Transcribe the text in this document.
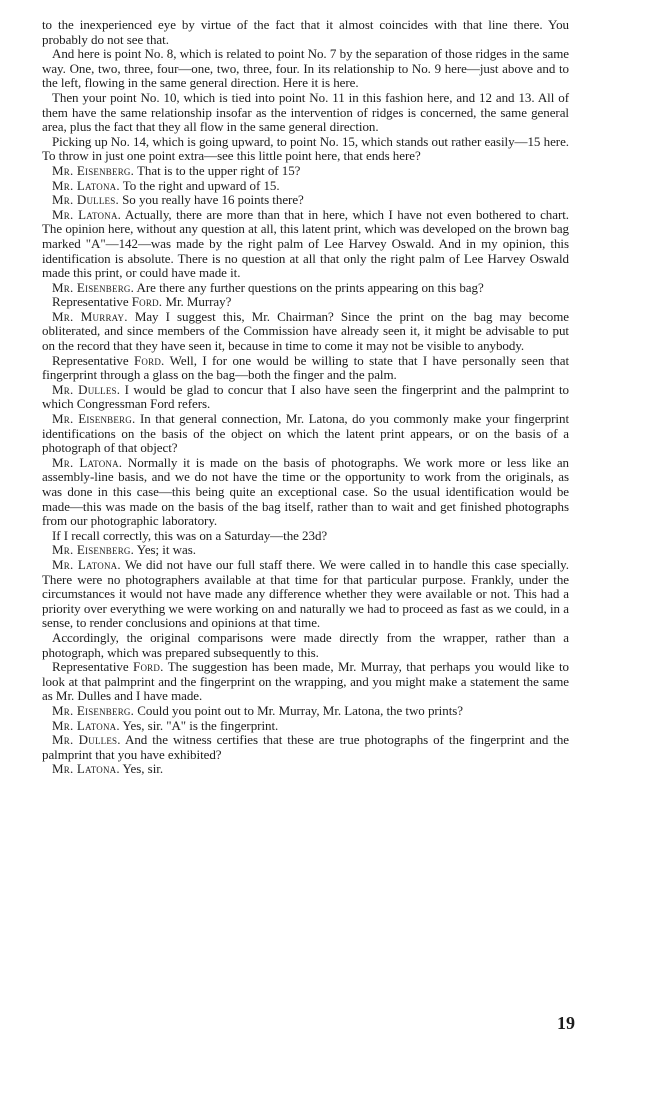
to the inexperienced eye by virtue of the fact that it almost coincides with that line there. You probably do not see that.

And here is point No. 8, which is related to point No. 7 by the separation of those ridges in the same way. One, two, three, four—one, two, three, four. In its relationship to No. 9 here—just above and to the left, flowing in the same general direction. Here it is here.

Then your point No. 10, which is tied into point No. 11 in this fashion here, and 12 and 13. All of them have the same relationship insofar as the intervention of ridges is concerned, the same general area, plus the fact that they all flow in the same general direction.

Picking up No. 14, which is going upward, to point No. 15, which stands out rather easily—15 here. To throw in just one point extra—see this little point here, that ends here?

Mr. Eisenberg. That is to the upper right of 15?

Mr. Latona. To the right and upward of 15.

Mr. Dulles. So you really have 16 points there?

Mr. Latona. Actually, there are more than that in here, which I have not even bothered to chart. The opinion here, without any question at all, this latent print, which was developed on the brown bag marked "A"—142—was made by the right palm of Lee Harvey Oswald. And in my opinion, this identification is absolute. There is no question at all that only the right palm of Lee Harvey Oswald made this print, or could have made it.

Mr. Eisenberg. Are there any further questions on the prints appearing on this bag?

Representative Ford. Mr. Murray?

Mr. Murray. May I suggest this, Mr. Chairman? Since the print on the bag may become obliterated, and since members of the Commission have already seen it, it might be advisable to put on the record that they have seen it, because in time to come it may not be visible to anybody.

Representative Ford. Well, I for one would be willing to state that I have personally seen that fingerprint through a glass on the bag—both the finger and the palm.

Mr. Dulles. I would be glad to concur that I also have seen the fingerprint and the palmprint to which Congressman Ford refers.

Mr. Eisenberg. In that general connection, Mr. Latona, do you commonly make your fingerprint identifications on the basis of the object on which the latent print appears, or on the basis of a photograph of that object?

Mr. Latona. Normally it is made on the basis of photographs. We work more or less like an assembly-line basis, and we do not have the time or the opportunity to work from the originals, as was done in this case—this being quite an exceptional case. So the usual identification would be made—this was made on the basis of the bag itself, rather than to wait and get finished photographs from our photographic laboratory.

If I recall correctly, this was on a Saturday—the 23d?

Mr. Eisenberg. Yes; it was.

Mr. Latona. We did not have our full staff there. We were called in to handle this case specially. There were no photographers available at that time for that particular purpose. Frankly, under the circumstances it would not have made any difference whether they were available or not. This had a priority over everything we were working on and naturally we had to proceed as fast as we could, in a sense, to render conclusions and opinions at that time.

Accordingly, the original comparisons were made directly from the wrapper, rather than a photograph, which was prepared subsequently to this.

Representative Ford. The suggestion has been made, Mr. Murray, that perhaps you would like to look at that palmprint and the fingerprint on the wrapping, and you might make a statement the same as Mr. Dulles and I have made.

Mr. Eisenberg. Could you point out to Mr. Murray, Mr. Latona, the two prints?

Mr. Latona. Yes, sir. "A" is the fingerprint.

Mr. Dulles. And the witness certifies that these are true photographs of the fingerprint and the palmprint that you have exhibited?

Mr. Latona. Yes, sir.

19
